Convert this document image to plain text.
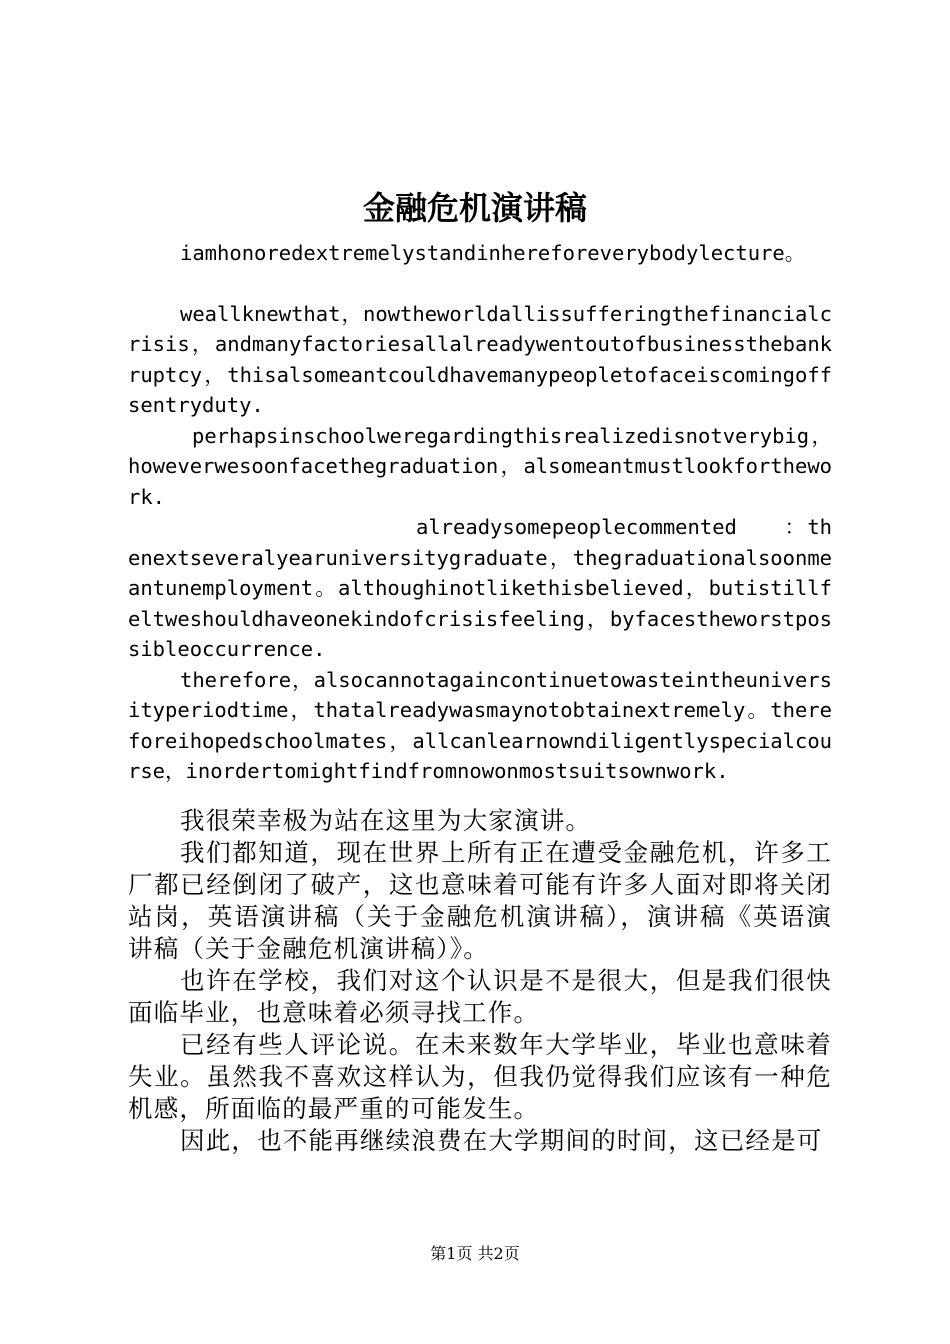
金融危机演讲稿

iamhonoredextremelystandinhereforeverybodylecture。

weallknewthat，nowtheworldallissufferingthefinancialcrisis，andmanyfactoriesallalreadywentoutofbusinessthebankruptcy，thisalsomeantcouldhavemanypeopletofaceiscomingoffsentryduty.

perhapsinschoolweregardingthisrealizedisnotverybig，howeverwesoonfacethegraduation，alsomeantmustlookforthework.

alreadysomepeoplecommented　　：thenextseveralyearuniversitygraduate，thegraduationalsoonmeantunemployment。althoughinotlikethisbelieved，butistillfeltweshouldhaveonekindofcrisisfeeling，byfacestheworstpossibleoccurrence.

therefore，alsocannotagaincontinuetowasteintheuniversityperiodtime，thatalreadywasmaynotobtainextremely。thereforeihopedschoolmates，allcanlearnowndiligentlyspecialcourse，inordertomightfindfromnowonmostsuitsownwork.

我很荣幸极为站在这里为大家演讲。

我们都知道，现在世界上所有正在遭受金融危机，许多工厂都已经倒闭了破产，这也意味着可能有许多人面对即将关闭站岗，英语演讲稿（关于金融危机演讲稿），演讲稿《英语演讲稿（关于金融危机演讲稿）》。

也许在学校，我们对这个认识是不是很大，但是我们很快面临毕业，也意味着必须寻找工作。

已经有些人评论说。在未来数年大学毕业，毕业也意味着失业。虽然我不喜欢这样认为，但我仍觉得我们应该有一种危机感，所面临的最严重的可能发生。

因此，也不能再继续浪费在大学期间的时间，这已经是可

第1页 共2页
